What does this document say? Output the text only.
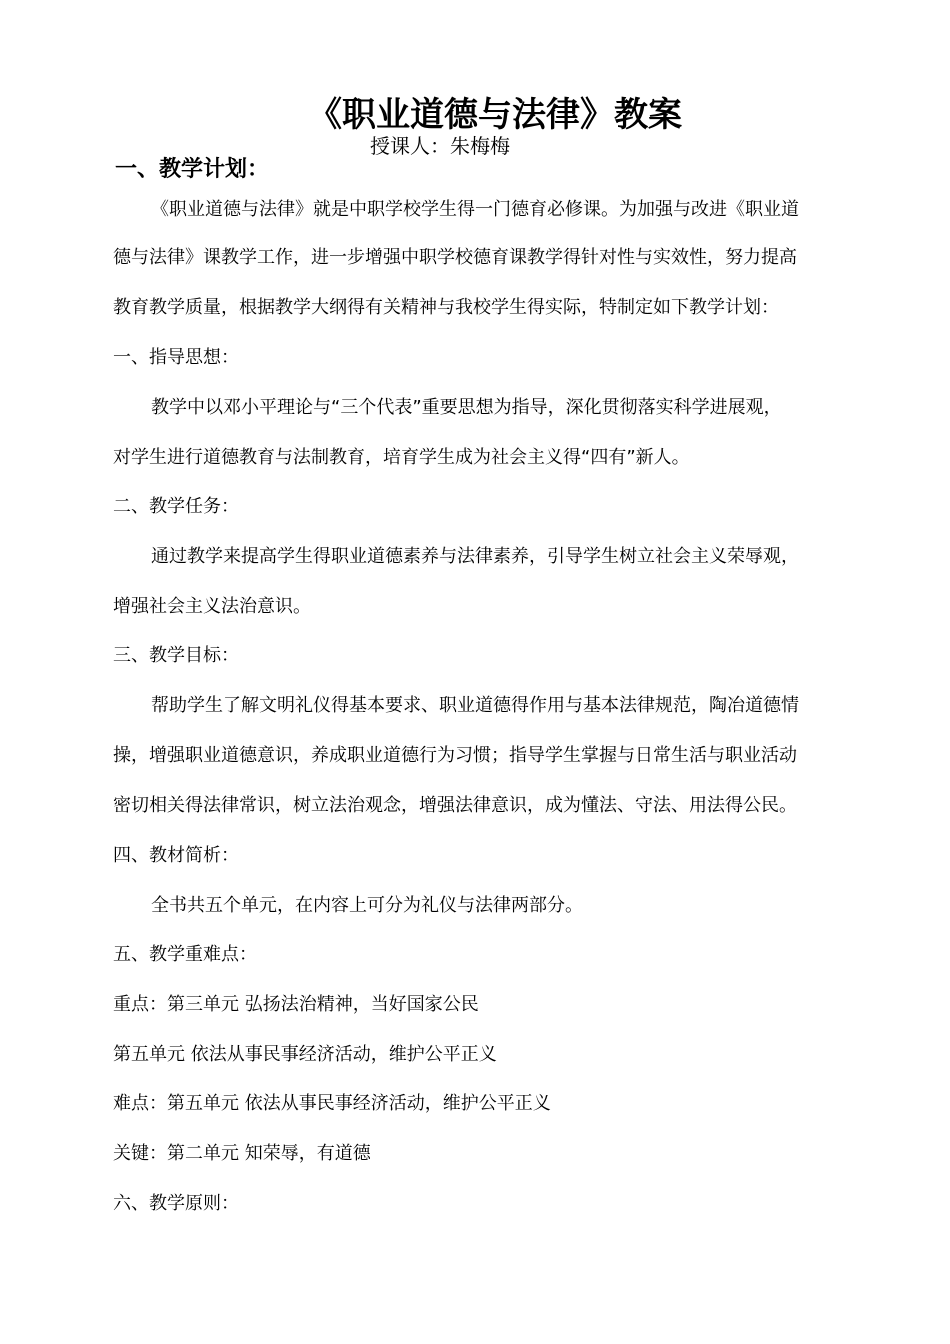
《职业道德与法律》教案
授课人：朱梅梅
一、教学计划：
《职业道德与法律》就是中职学校学生得一门德育必修课。为加强与改进《职业道
德与法律》课教学工作，进一步增强中职学校德育课教学得针对性与实效性，努力提高
教育教学质量，根据教学大纲得有关精神与我校学生得实际，特制定如下教学计划：
一、指导思想：
教学中以邓小平理论与“三个代表”重要思想为指导，深化贯彻落实科学进展观，
对学生进行道德教育与法制教育，培育学生成为社会主义得“四有”新人。
二、教学任务：
通过教学来提高学生得职业道德素养与法律素养，引导学生树立社会主义荣辱观，
增强社会主义法治意识。
三、教学目标：
帮助学生了解文明礼仪得基本要求、职业道德得作用与基本法律规范，陶冶道德情
操，增强职业道德意识，养成职业道德行为习惯；指导学生掌握与日常生活与职业活动
密切相关得法律常识，树立法治观念，增强法律意识，成为懂法、守法、用法得公民。
四、教材简析：
全书共五个单元，在内容上可分为礼仪与法律两部分。
五、教学重难点：
重点：第三单元 弘扬法治精神，当好国家公民
第五单元 依法从事民事经济活动，维护公平正义
难点：第五单元 依法从事民事经济活动，维护公平正义
关键：第二单元 知荣辱，有道德
六、教学原则：
